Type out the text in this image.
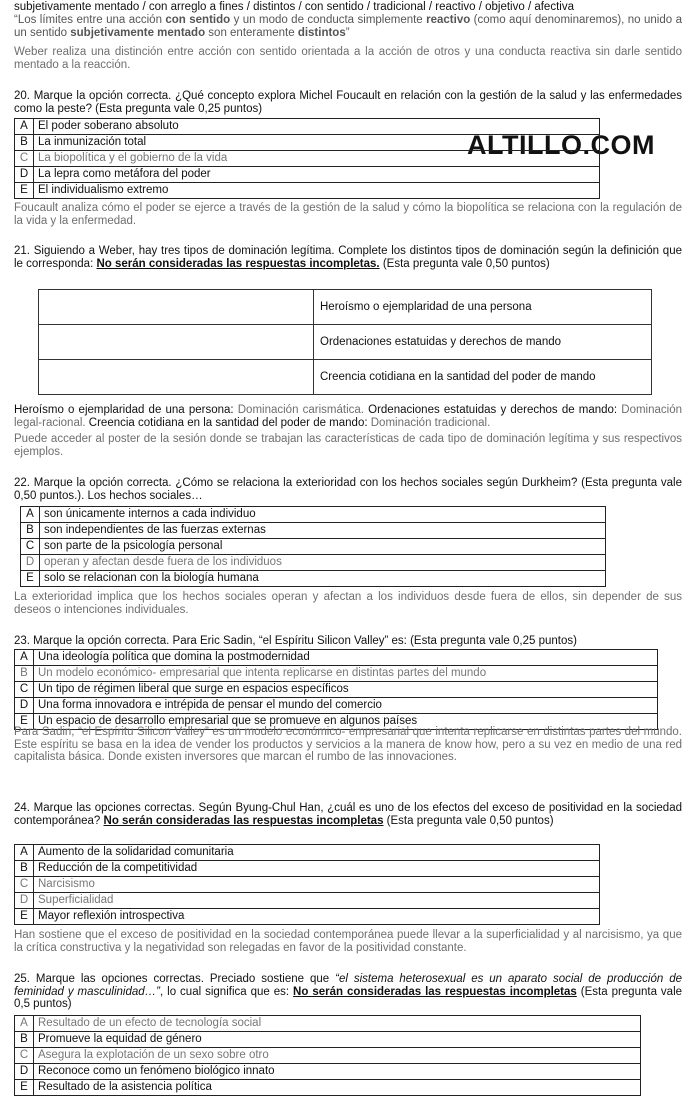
ALTILLO.COM

subjetivamente mentado / con arreglo a fines / distintos / con sentido / tradicional / reactivo / objetivo / afectiva

“Los límites entre una acción con sentido y un modo de conducta simplemente reactivo (como aquí denominaremos), no unido a un sentido subjetivamente mentado son enteramente distintos”

Weber realiza una distinción entre acción con sentido orientada a la acción de otros y una conducta reactiva sin darle sentido mentado a la reacción.

20. Marque la opción correcta. ¿Qué concepto explora Michel Foucault en relación con la gestión de la salud y las enfermedades como la peste? (Esta pregunta vale 0,25 puntos)

A	El poder soberano absoluto
B	La inmunización total
C	La biopolítica y el gobierno de la vida
D	La lepra como metáfora del poder
E	El individualismo extremo

Foucault analiza cómo el poder se ejerce a través de la gestión de la salud y cómo la biopolítica se relaciona con la regulación de la vida y la enfermedad.

21. Siguiendo a Weber, hay tres tipos de dominación legítima. Complete los distintos tipos de dominación según la definición que le corresponda: No serán consideradas las respuestas incompletas. (Esta pregunta vale 0,50 puntos)

	Heroísmo o ejemplaridad de una persona
	Ordenaciones estatuidas y derechos de mando
	Creencia cotidiana en la santidad del poder de mando

Heroísmo o ejemplaridad de una persona: Dominación carismática. Ordenaciones estatuidas y derechos de mando: Dominación legal-racional. Creencia cotidiana en la santidad del poder de mando: Dominación tradicional.

Puede acceder al poster de la sesión donde se trabajan las características de cada tipo de dominación legítima y sus respectivos ejemplos.

22. Marque la opción correcta. ¿Cómo se relaciona la exterioridad con los hechos sociales según Durkheim? (Esta pregunta vale 0,50 puntos.). Los hechos sociales…

A	son únicamente internos a cada individuo
B	son independientes de las fuerzas externas
C	son parte de la psicología personal
D	operan y afectan desde fuera de los individuos
E	solo se relacionan con la biología humana

La exterioridad implica que los hechos sociales operan y afectan a los individuos desde fuera de ellos, sin depender de sus deseos o intenciones individuales.

23. Marque la opción correcta. Para Eric Sadin, “el Espíritu Silicon Valley” es: (Esta pregunta vale 0,25 puntos)

A	Una ideología política que domina la postmodernidad
B	Un modelo económico- empresarial que intenta replicarse en distintas partes del mundo
C	Un tipo de régimen liberal que surge en espacios específicos
D	Una forma innovadora e intrépida de pensar el mundo del comercio
E	Un espacio de desarrollo empresarial que se promueve en algunos países

Para Sadin, “el Espíritu Silicon Valley” es un modelo económico- empresarial que intenta replicarse en distintas partes del mundo. Este espíritu se basa en la idea de vender los productos y servicios a la manera de know how, pero a su vez en medio de una red capitalista básica. Donde existen inversores que marcan el rumbo de las innovaciones.

24. Marque las opciones correctas. Según Byung-Chul Han, ¿cuál es uno de los efectos del exceso de positividad en la sociedad contemporánea? No serán consideradas las respuestas incompletas (Esta pregunta vale 0,50 puntos)

A	Aumento de la solidaridad comunitaria
B	Reducción de la competitividad
C	Narcisismo
D	Superficialidad
E	Mayor reflexión introspectiva

Han sostiene que el exceso de positividad en la sociedad contemporánea puede llevar a la superficialidad y al narcisismo, ya que la crítica constructiva y la negatividad son relegadas en favor de la positividad constante.

25. Marque las opciones correctas. Preciado sostiene que “el sistema heterosexual es un aparato social de producción de feminidad y masculinidad…”, lo cual significa que es: No serán consideradas las respuestas incompletas (Esta pregunta vale 0,5 puntos)

A	Resultado de un efecto de tecnología social
B	Promueve la equidad de género
C	Asegura la explotación de un sexo sobre otro
D	Reconoce como un fenómeno biológico innato
E	Resultado de la asistencia política
